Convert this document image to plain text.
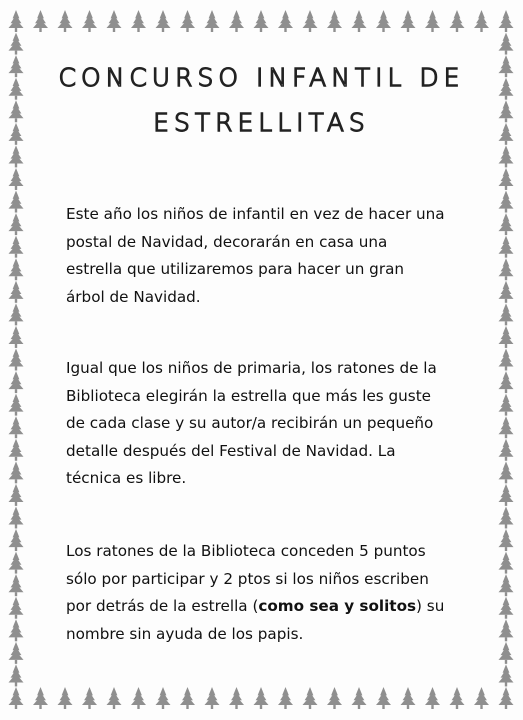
CONCURSO INFANTIL DE
ESTRELLITAS

Este año los niños de infantil en vez de hacer una postal de Navidad, decorarán en casa una estrella que utilizaremos para hacer un gran árbol de Navidad.

Igual que los niños de primaria, los ratones de la Biblioteca elegirán la estrella que más les guste de cada clase y su autor/a recibirán un pequeño detalle después del Festival de Navidad. La técnica es libre.

Los ratones de la Biblioteca conceden 5 puntos sólo por participar y 2 ptos si los niños escriben por detrás de la estrella (como sea y solitos) su nombre sin ayuda de los papis.
